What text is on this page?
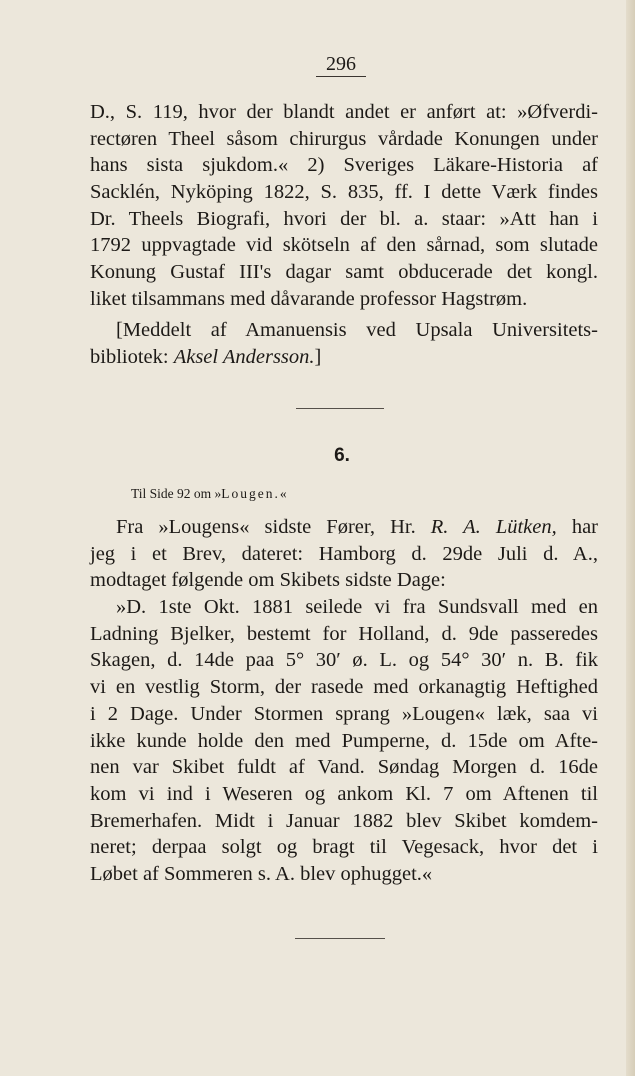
296
D., S. 119, hvor der blandt andet er anført at: »Øfverdi-
rectøren Theel såsom chirurgus vårdade Konungen under
hans sista sjukdom.« 2) Sveriges Läkare-Historia af
Sacklén, Nyköping 1822, S. 835, ff. I dette Værk findes
Dr. Theels Biografi, hvori der bl. a. staar: »Att han i
1792 uppvagtade vid skötseln af den sårnad, som slutade
Konung Gustaf III's dagar samt obducerade det kongl.
liket tilsammans med dåvarande professor Hagstrøm.
[Meddelt af Amanuensis ved Upsala Universitets-
bibliotek: Aksel Andersson.]
6.
Til Side 92 om »Lougen.«
Fra »Lougens« sidste Fører, Hr. R. A. Lütken, har
jeg i et Brev, dateret: Hamborg d. 29de Juli d. A.,
modtaget følgende om Skibets sidste Dage:
»D. 1ste Okt. 1881 seilede vi fra Sundsvall med en
Ladning Bjelker, bestemt for Holland, d. 9de passeredes
Skagen, d. 14de paa 5° 30′ ø. L. og 54° 30′ n. B. fik
vi en vestlig Storm, der rasede med orkanagtig Heftighed
i 2 Dage. Under Stormen sprang »Lougen« læk, saa vi
ikke kunde holde den med Pumperne, d. 15de om Afte-
nen var Skibet fuldt af Vand. Søndag Morgen d. 16de
kom vi ind i Weseren og ankom Kl. 7 om Aftenen til
Bremerhafen. Midt i Januar 1882 blev Skibet komdem-
neret; derpaa solgt og bragt til Vegesack, hvor det i
Løbet af Sommeren s. A. blev ophugget.«
